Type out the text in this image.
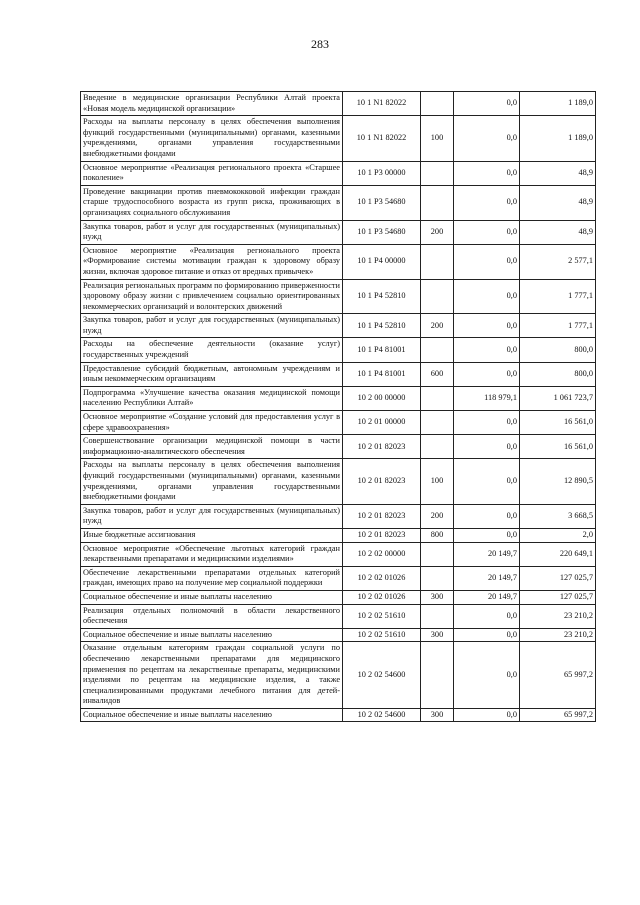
283
Введение в медицинские организации Республики Алтай проекта «Новая модель медицинской организации»	10 1 N1 82022		0,0	1 189,0
Расходы на выплаты персоналу в целях обеспечения выполнения функций государственными (муниципальными) органами, казенными учреждениями, органами управления государственными внебюджетными фондами	10 1 N1 82022	100	0,0	1 189,0
Основное мероприятие «Реализация регионального проекта «Старшее поколение»	10 1 P3 00000		0,0	48,9
Проведение вакцинации против пневмококковой инфекции граждан старше трудоспособного возраста из групп риска, проживающих в организациях социального обслуживания	10 1 P3 54680		0,0	48,9
Закупка товаров, работ и услуг для государственных (муниципальных) нужд	10 1 P3 54680	200	0,0	48,9
Основное мероприятие «Реализация регионального проекта «Формирование системы мотивации граждан к здоровому образу жизни, включая здоровое питание и отказ от вредных привычек»	10 1 P4 00000		0,0	2 577,1
Реализация региональных программ по формированию приверженности здоровому образу жизни с привлечением социально ориентированных некоммерческих организаций и волонтерских движений	10 1 P4 52810		0,0	1 777,1
Закупка товаров, работ и услуг для государственных (муниципальных) нужд	10 1 P4 52810	200	0,0	1 777,1
Расходы на обеспечение деятельности (оказание услуг) государственных учреждений	10 1 P4 81001		0,0	800,0
Предоставление субсидий бюджетным, автономным учреждениям и иным некоммерческим организациям	10 1 P4 81001	600	0,0	800,0
Подпрограмма «Улучшение качества оказания медицинской помощи населению Республики Алтай»	10 2 00 00000		118 979,1	1 061 723,7
Основное мероприятие «Создание условий для предоставления услуг в сфере здравоохранения»	10 2 01 00000		0,0	16 561,0
Совершенствование организации медицинской помощи в части информационно-аналитического обеспечения	10 2 01 82023		0,0	16 561,0
Расходы на выплаты персоналу в целях обеспечения выполнения функций государственными (муниципальными) органами, казенными учреждениями, органами управления государственными внебюджетными фондами	10 2 01 82023	100	0,0	12 890,5
Закупка товаров, работ и услуг для государственных (муниципальных) нужд	10 2 01 82023	200	0,0	3 668,5
Иные бюджетные ассигнования	10 2 01 82023	800	0,0	2,0
Основное мероприятие «Обеспечение льготных категорий граждан лекарственными препаратами и медицинскими изделиями»	10 2 02 00000		20 149,7	220 649,1
Обеспечение лекарственными препаратами отдельных категорий граждан, имеющих право на получение мер социальной поддержки	10 2 02 01026		20 149,7	127 025,7
Социальное обеспечение и иные выплаты населению	10 2 02 01026	300	20 149,7	127 025,7
Реализация отдельных полномочий в области лекарственного обеспечения	10 2 02 51610		0,0	23 210,2
Социальное обеспечение и иные выплаты населению	10 2 02 51610	300	0,0	23 210,2
Оказание отдельным категориям граждан социальной услуги по обеспечению лекарственными препаратами для медицинского применения по рецептам на лекарственные препараты, медицинскими изделиями по рецептам на медицинские изделия, а также специализированными продуктами лечебного питания для детей-инвалидов	10 2 02 54600		0,0	65 997,2
Социальное обеспечение и иные выплаты населению	10 2 02 54600	300	0,0	65 997,2
